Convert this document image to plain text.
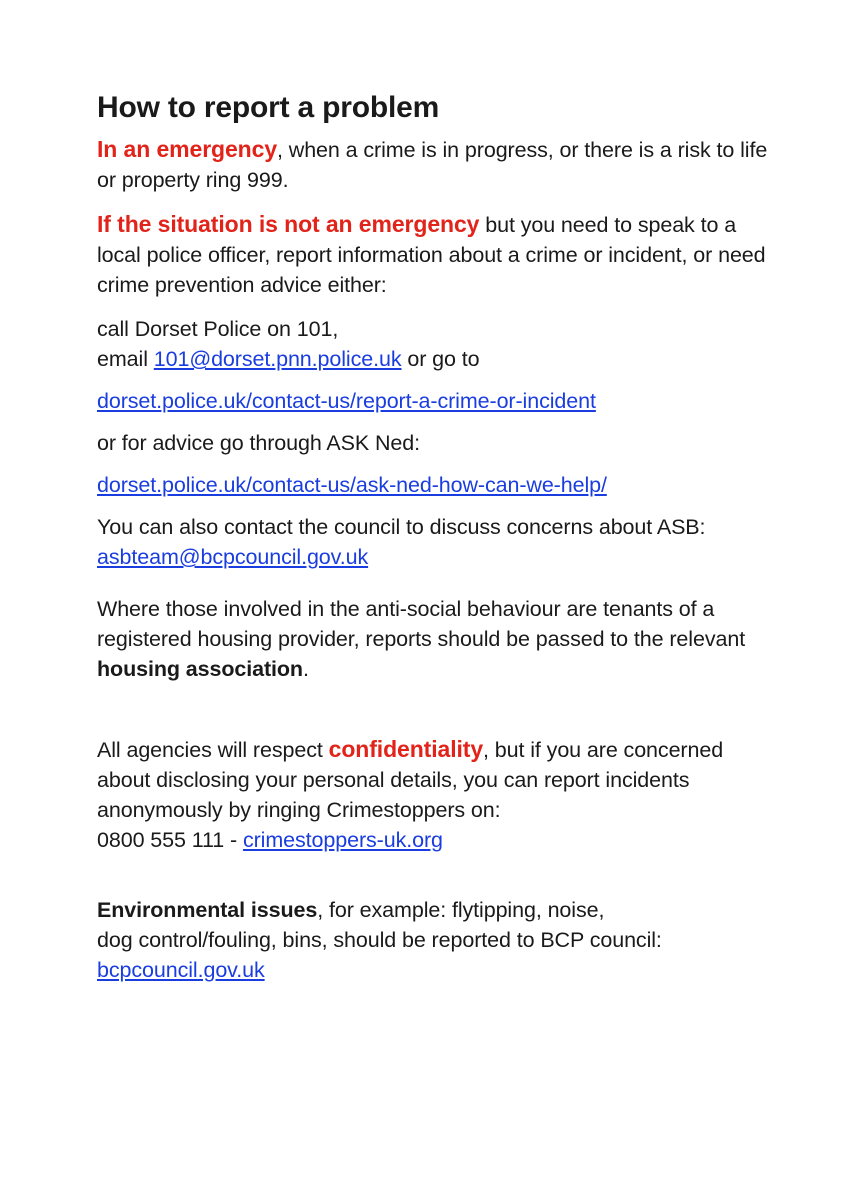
How to report a problem

In an emergency, when a crime is in progress, or there is a risk to life or property ring 999.

If the situation is not an emergency but you need to speak to a local police officer, report information about a crime or incident, or need crime prevention advice either:

call Dorset Police on 101,
email 101@dorset.pnn.police.uk or go to

dorset.police.uk/contact-us/report-a-crime-or-incident

or for advice go through ASK Ned:

dorset.police.uk/contact-us/ask-ned-how-can-we-help/

You can also contact the council to discuss concerns about ASB: asbteam@bcpcouncil.gov.uk

Where those involved in the anti-social behaviour are tenants of a registered housing provider, reports should be passed to the relevant housing association.

All agencies will respect confidentiality, but if you are concerned about disclosing your personal details, you can report incidents anonymously by ringing Crimestoppers on:
0800 555 111 - crimestoppers-uk.org

Environmental issues, for example: flytipping, noise,
dog control/fouling, bins, should be reported to BCP council:
bcpcouncil.gov.uk
